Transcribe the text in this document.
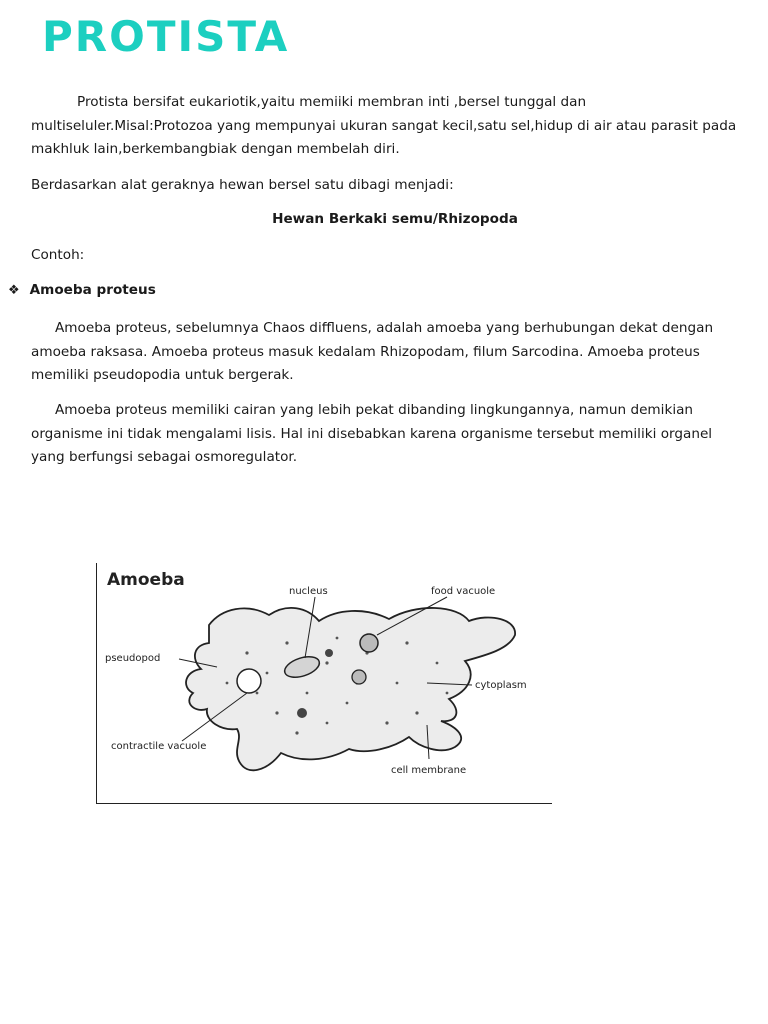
PROTISTA

Protista bersifat eukariotik,yaitu memiiki membran inti ,bersel tunggal dan multiseluler.Misal:Protozoa yang mempunyai ukuran sangat kecil,satu sel,hidup di air atau parasit pada makhluk lain,berkembangbiak dengan membelah diri.

Berdasarkan alat geraknya hewan bersel satu dibagi menjadi:

Hewan Berkaki semu/Rhizopoda

Contoh:

❖ Amoeba proteus

Amoeba proteus, sebelumnya Chaos diffluens, adalah amoeba yang berhubungan dekat dengan amoeba raksasa. Amoeba proteus masuk kedalam Rhizopodam, filum Sarcodina. Amoeba proteus memiliki pseudopodia untuk bergerak.

Amoeba proteus memiliki cairan yang lebih pekat dibanding lingkungannya, namun demikian organisme ini tidak mengalami lisis. Hal ini disebabkan karena organisme tersebut memiliki organel yang berfungsi sebagai osmoregulator.

Amoeba
nucleus	food vacuole
pseudopod
cytoplasm
contractile vacuole
cell membrane
